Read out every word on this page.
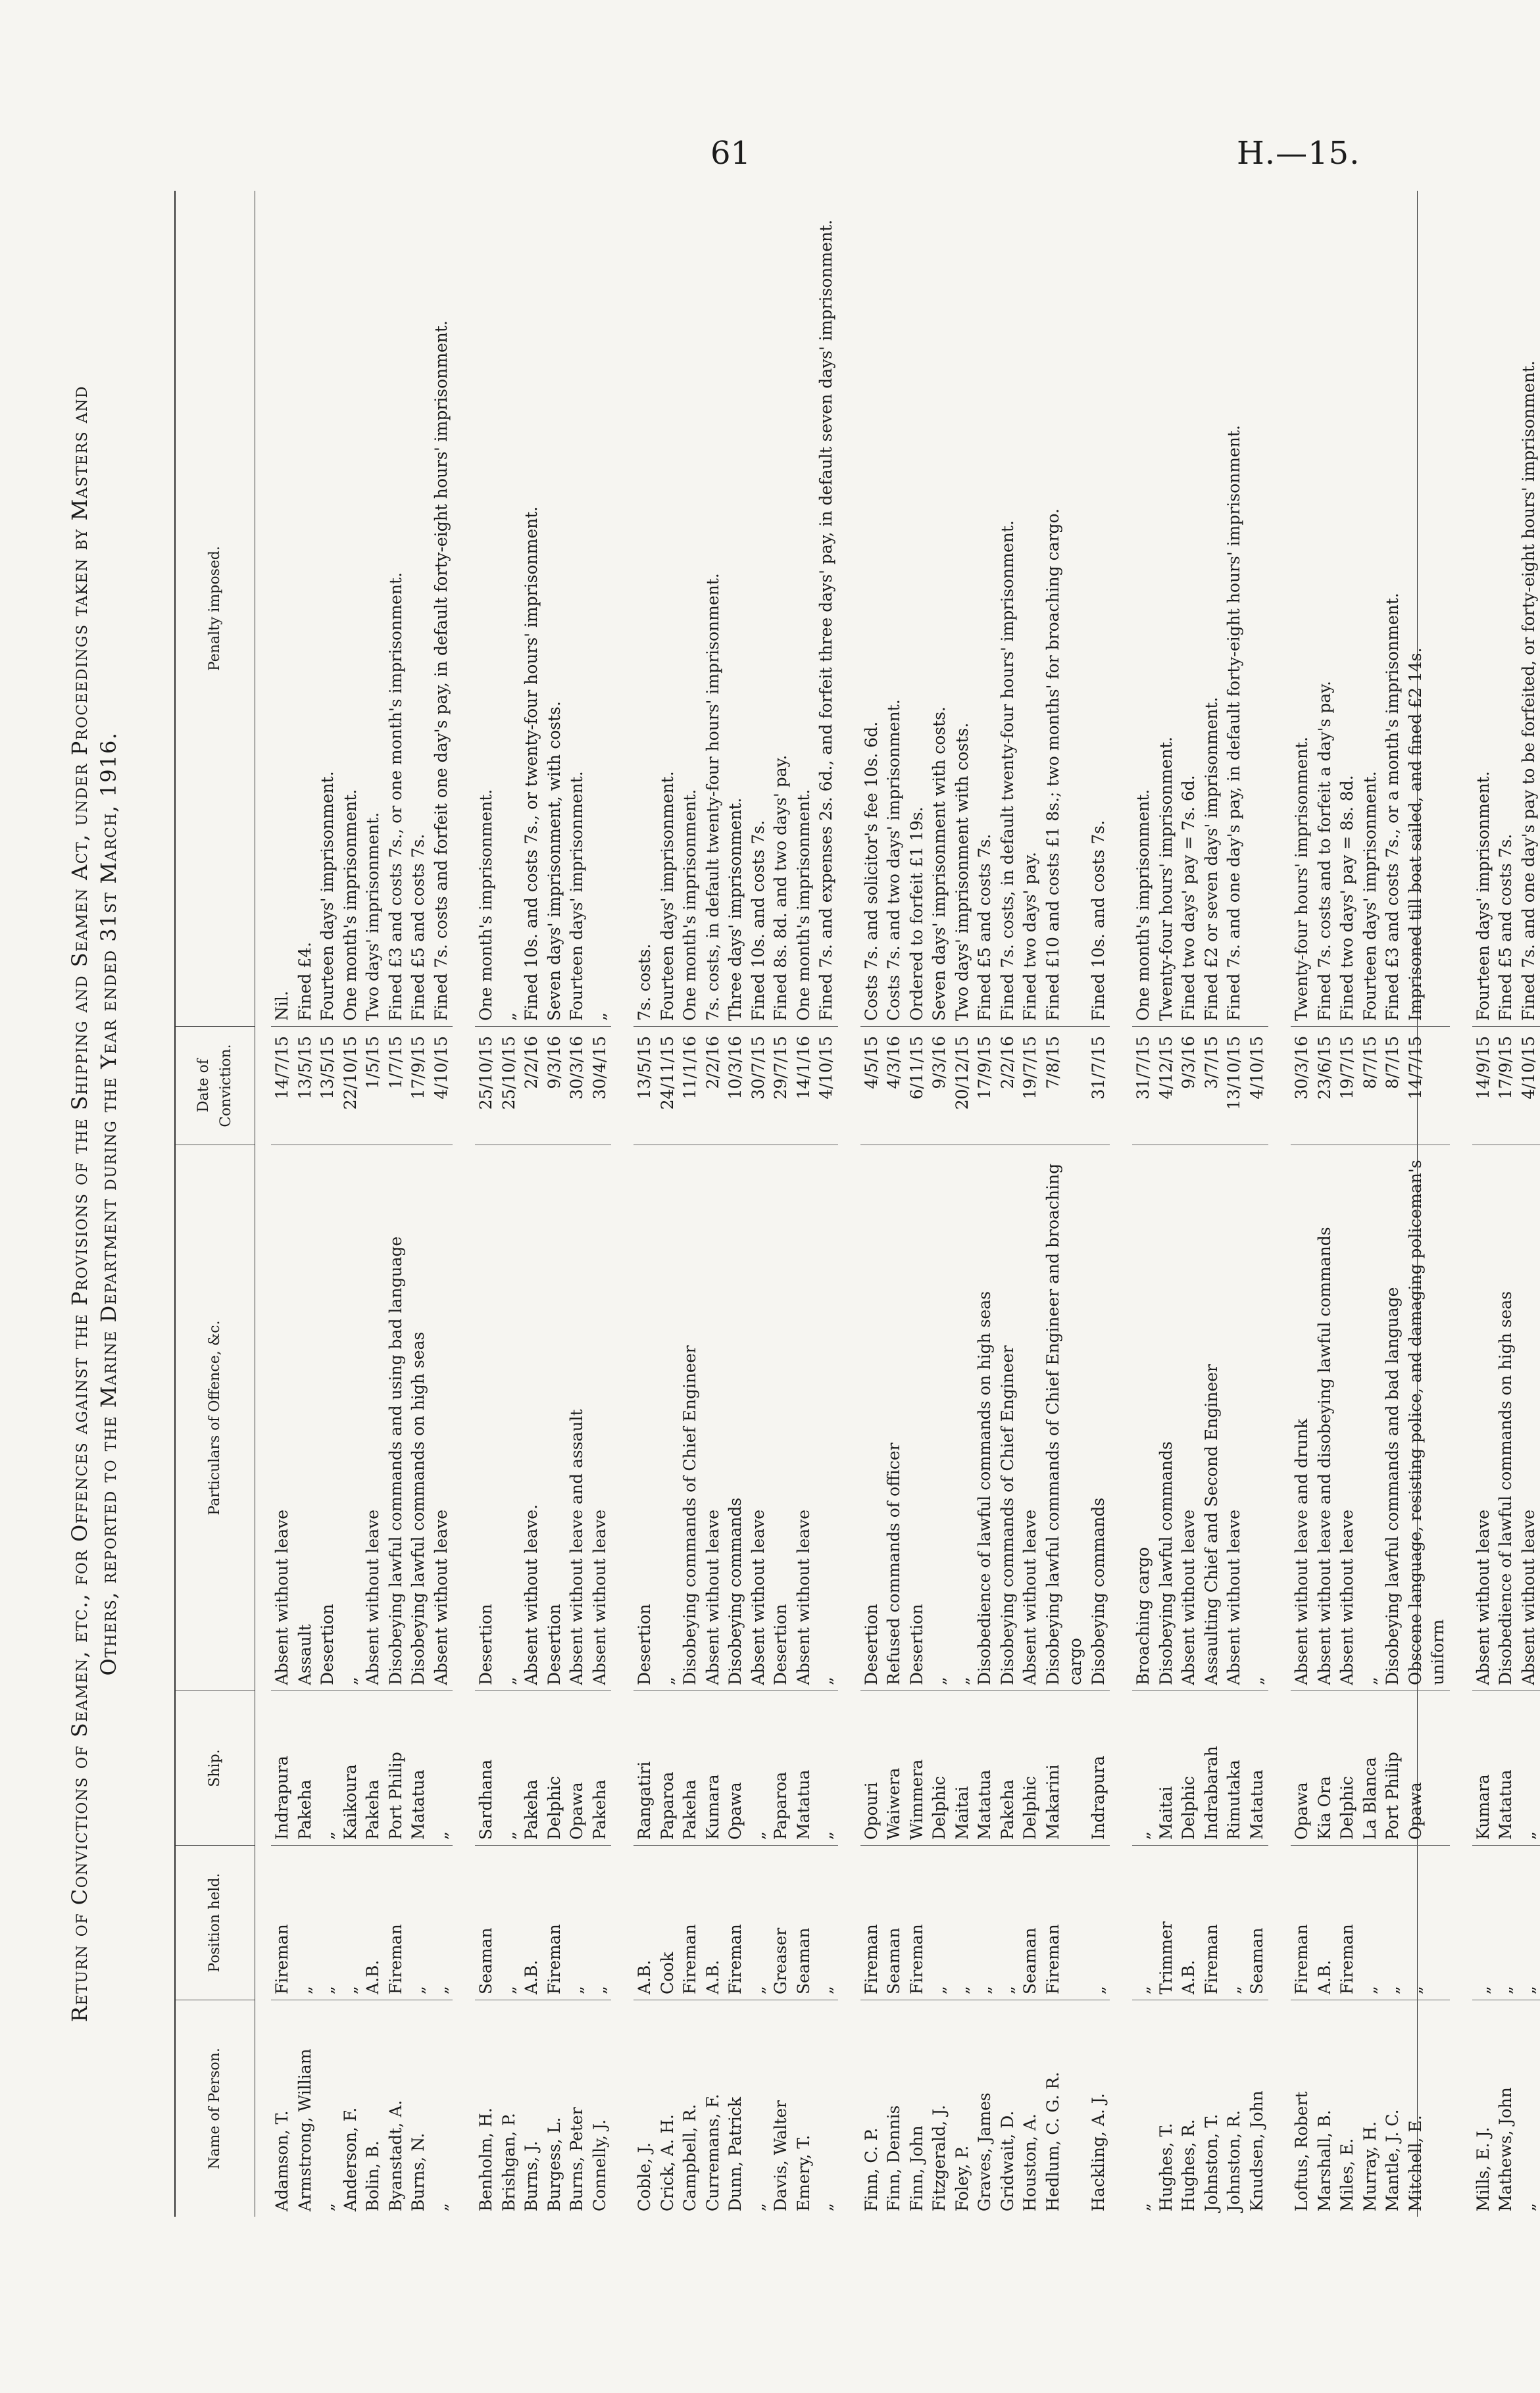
61	H.—15.
Return of Convictions of Seamen, etc., for Offences against the Provisions of the Shipping and Seamen Act, under Proceedings taken by Masters and Others, reported to the Marine Department during the Year ended 31st March, 1916.
Name of Person.
Position held.
Ship.
Particulars of Offence, &c.
Date of Conviction.
Penalty imposed.
Adamson, T.
Fireman
Indrapura
Absent without leave
14/7/15
Nil.
Armstrong, William
„
Pakeha
Assault
13/5/15
Fined £4.
„
„
„
Desertion
13/5/15
Fourteen days' imprisonment.
Anderson, F.
„
Kaikoura
„
22/10/15
One month's imprisonment.
Bolin, B.
A.B.
Pakeha
Absent without leave
1/5/15
Two days' imprisonment.
Byanstadt, A.
Fireman
Port Philip
Disobeying lawful commands and using bad language
1/7/15
Fined £3 and costs 7s., or one month's imprisonment.
Burns, N.
„
Matatua
Disobeying lawful commands on high seas
17/9/15
Fined £5 and costs 7s.
„
„
„
Absent without leave
4/10/15
Fined 7s. costs and forfeit one day's pay, in default forty-eight hours' imprisonment.
Benholm, H.
Seaman
Sardhana
Desertion
25/10/15
One month's imprisonment.
Brishgan, P.
„
„
„
25/10/15
„
Burns, J.
A.B.
Pakeha
Absent without leave.
2/2/16
Fined 10s. and costs 7s., or twenty-four hours' imprisonment.
Burgess, L.
Fireman
Delphic
Desertion
9/3/16
Seven days' imprisonment, with costs.
Burns, Peter
„
Opawa
Absent without leave and assault
30/3/16
Fourteen days' imprisonment.
Connelly, J.
„
Pakeha
Absent without leave
30/4/15
„
Coble, J.
A.B.
Rangatiri
Desertion
13/5/15
7s. costs.
Crick, A. H.
Cook
Paparoa
„
24/11/15
Fourteen days' imprisonment.
Campbell, R.
Fireman
Pakeha
Disobeying commands of Chief Engineer
11/1/16
One month's imprisonment.
Curremans, F.
A.B.
Kumara
Absent without leave
2/2/16
7s. costs, in default twenty-four hours' imprisonment.
Dunn, Patrick
Fireman
Opawa
Disobeying commands
10/3/16
Three days' imprisonment.
„
„
„
Absent without leave
30/7/15
Fined 10s. and costs 7s.
Davis, Walter
Greaser
Paparoa
Desertion
29/7/15
Fined 8s. 8d. and two days' pay.
Emery, T.
Seaman
Matatua
Absent without leave
14/1/16
One month's imprisonment.
„
„
„
„
4/10/15
Fined 7s. and expenses 2s. 6d., and forfeit three days' pay, in default seven days' imprisonment.
Finn, C. P.
Fireman
Opouri
Desertion
4/5/15
Costs 7s. and solicitor's fee 10s. 6d.
Finn, Dennis
Seaman
Waiwera
Refused commands of officer
4/3/16
Costs 7s. and two days' imprisonment.
Finn, John
Fireman
Wimmera
Desertion
6/11/15
Ordered to forfeit £1 19s.
Fitzgerald, J.
„
Delphic
„
9/3/16
Seven days' imprisonment with costs.
Foley, P.
„
Maitai
„
20/12/15
Two days' imprisonment with costs.
Graves, James
„
Matatua
Disobedience of lawful commands on high seas
17/9/15
Fined £5 and costs 7s.
Gridwait, D.
„
Pakeha
Disobeying commands of Chief Engineer
2/2/16
Fined 7s. costs, in default twenty-four hours' imprisonment.
Houston, A.
Seaman
Delphic
Absent without leave
19/7/15
Fined two days' pay.
Hedlum, C. G. R.
Fireman
Makarini
Disobeying lawful commands of Chief Engineer and broaching cargo
7/8/15
Fined £10 and costs £1 8s.; two months' for broaching cargo.
Hackling, A. J.
„
Indrapura
Disobeying commands
31/7/15
Fined 10s. and costs 7s.
„
„
„
Broaching cargo
31/7/15
One month's imprisonment.
Hughes, T.
Trimmer
Maitai
Disobeying lawful commands
4/12/15
Twenty-four hours' imprisonment.
Hughes, R.
A.B.
Delphic
Absent without leave
9/3/16
Fined two days' pay = 7s. 6d.
Johnston, T.
Fireman
Indrabarah
Assaulting Chief and Second Engineer
3/7/15
Fined £2 or seven days' imprisonment.
Johnston, R.
„
Rimutaka
Absent without leave
13/10/15
Fined 7s. and one day's pay, in default forty-eight hours' imprisonment.
Knudsen, John
Seaman
Matatua
„
4/10/15
Loftus, Robert
Fireman
Opawa
Absent without leave and drunk
30/3/16
Twenty-four hours' imprisonment.
Marshall, B.
A.B.
Kia Ora
Absent without leave and disobeying lawful commands
23/6/15
Fined 7s. costs and to forfeit a day's pay.
Miles, E.
Fireman
Delphic
Absent without leave
19/7/15
Fined two days' pay = 8s. 8d.
Murray, H.
„
La Blanca
„
8/7/15
Fourteen days' imprisonment.
Mantle, J. C.
„
Port Philip
Disobeying lawful commands and bad language
8/7/15
Fined £3 and costs 7s., or a month's imprisonment.
Mitchell, E.
„
Opawa
Obscene language, resisting police, and damaging policeman's uniform
14/7/15
Imprisoned till boat sailed, and fined £2 14s.
Mills, E. J.
„
Kumara
Absent without leave
14/9/15
Fourteen days' imprisonment.
Mathews, John
„
Matatua
Disobedience of lawful commands on high seas
17/9/15
Fined £5 and costs 7s.
„
„
„
Absent without leave
4/10/15
Fined 7s. and one day's pay to be forfeited, or forty-eight hours' imprisonment.
